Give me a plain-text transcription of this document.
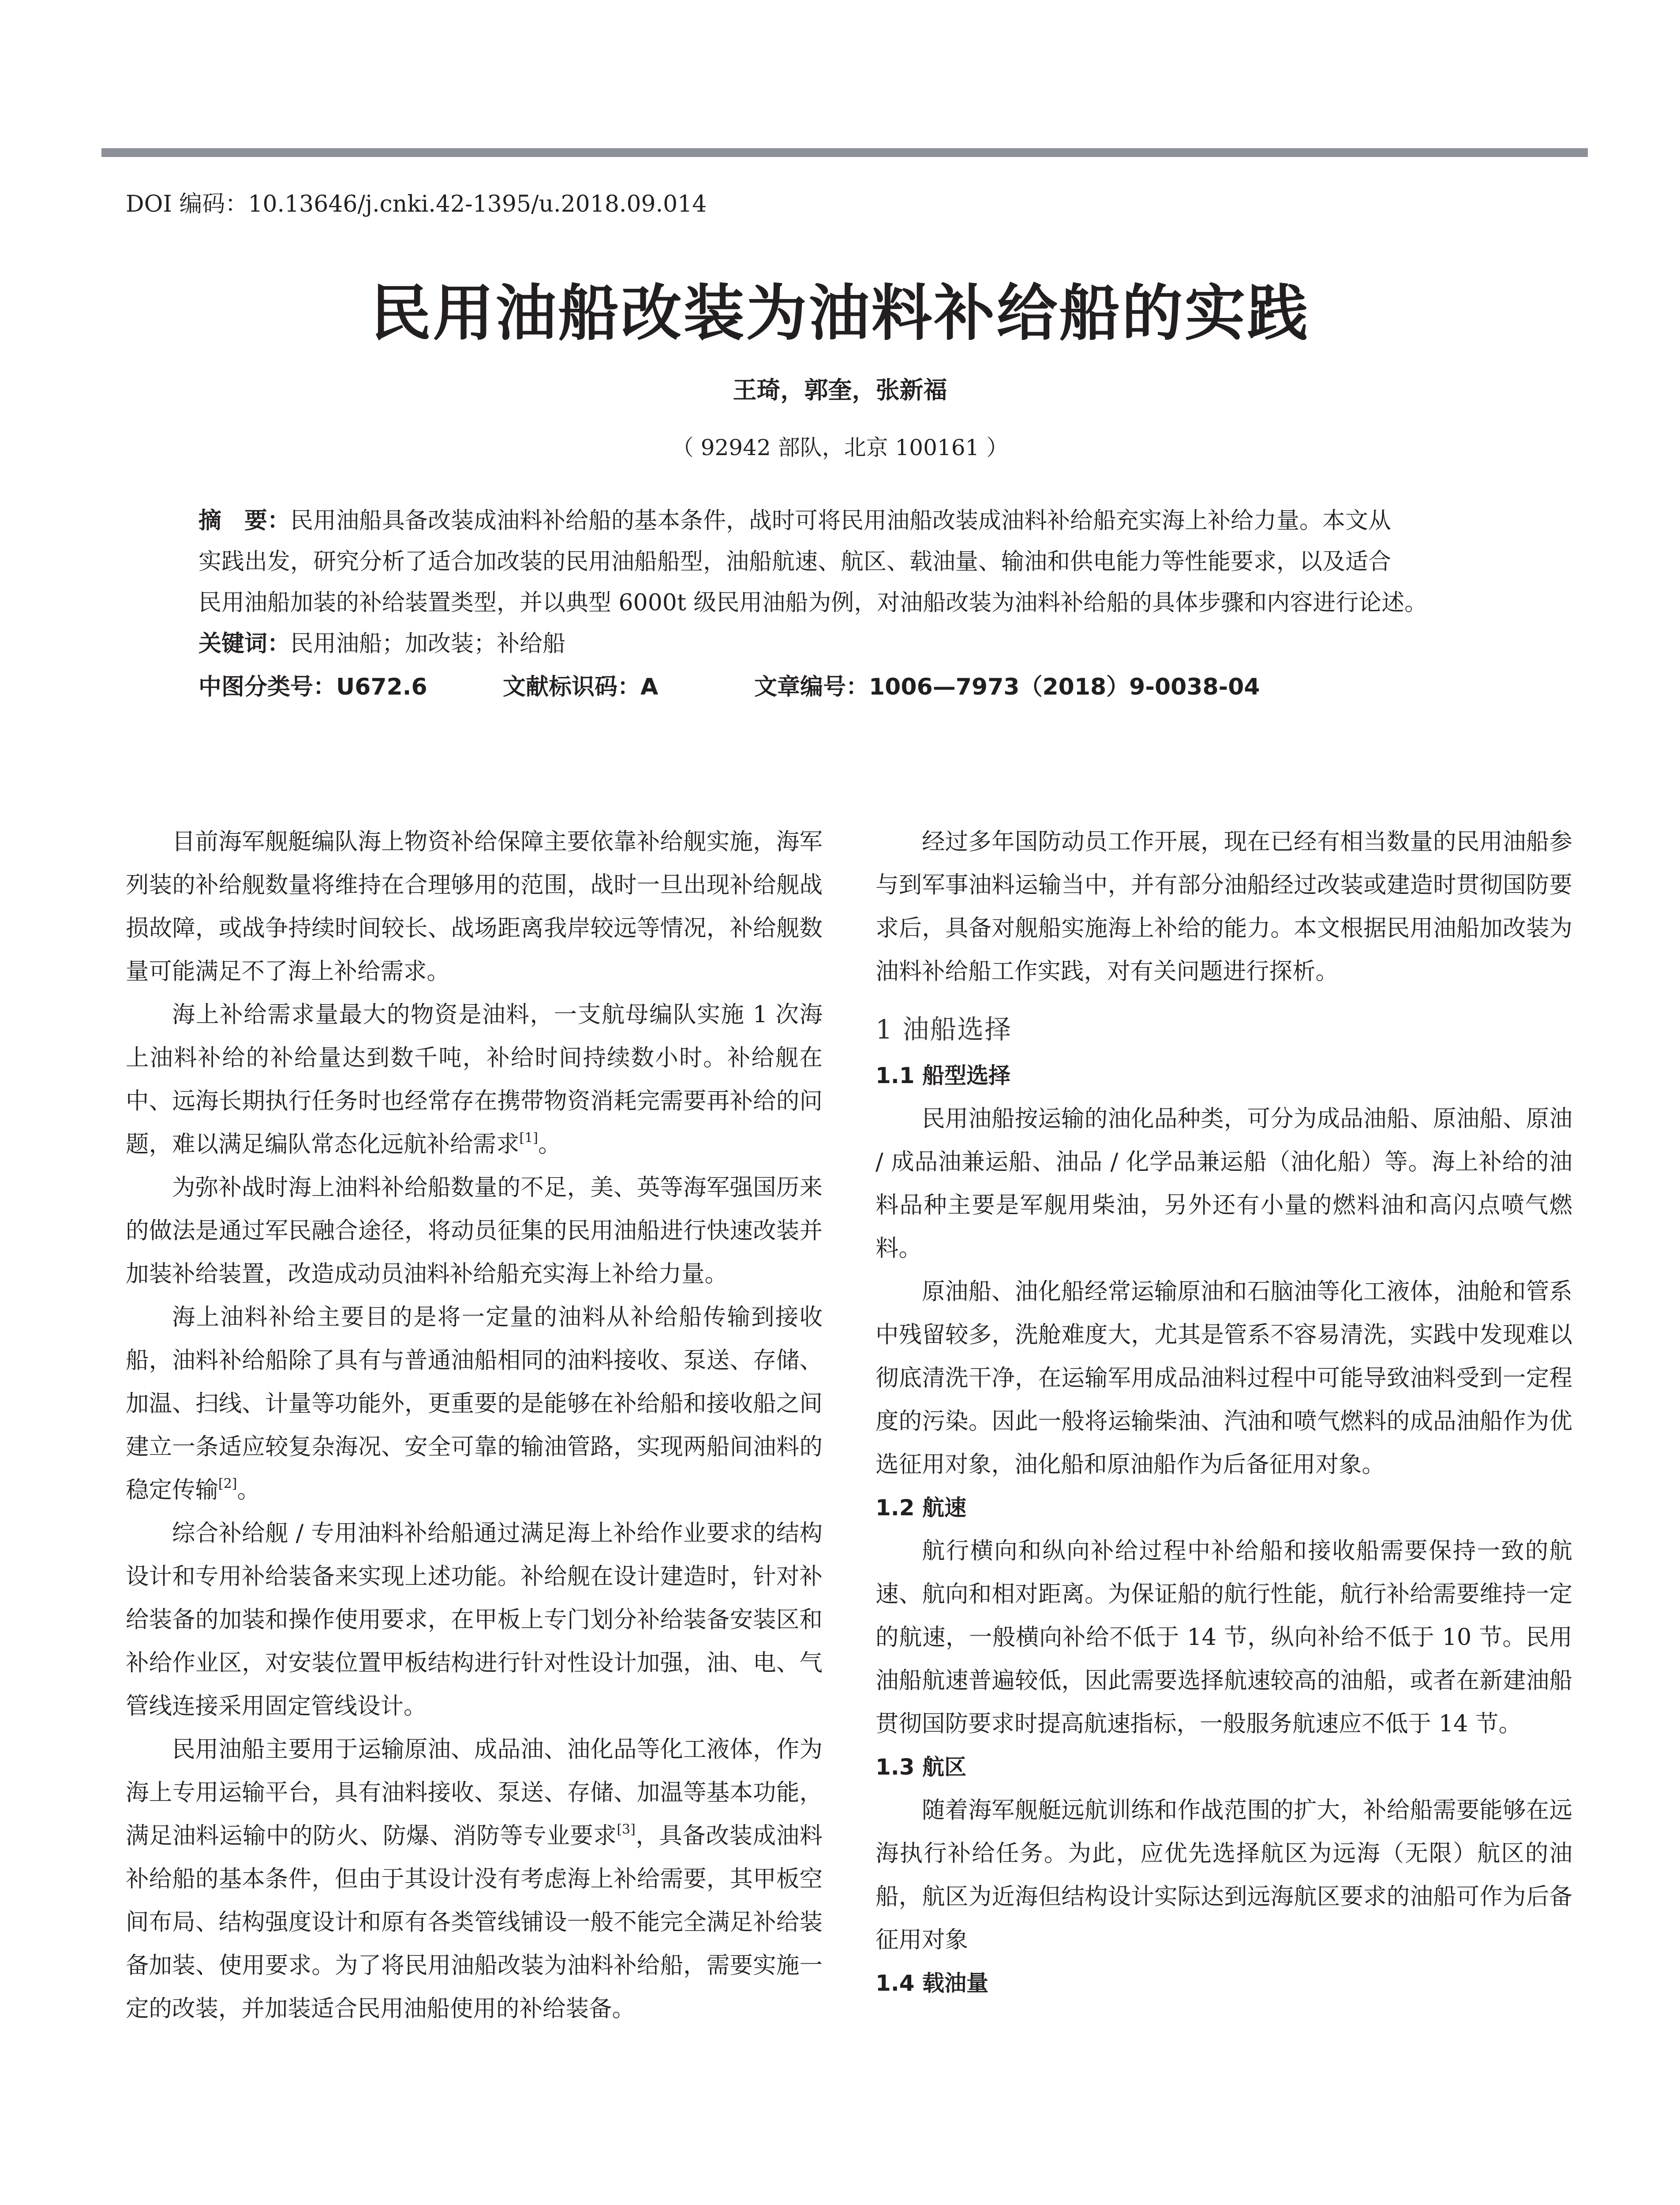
DOI 编码：10.13646/j.cnki.42-1395/u.2018.09.014
民用油船改装为油料补给船的实践
王琦，郭奎，张新福
（ 92942 部队，北京 100161 ）
摘　要：民用油船具备改装成油料补给船的基本条件，战时可将民用油船改装成油料补给船充实海上补给力量。本文从
实践出发，研究分析了适合加改装的民用油船船型，油船航速、航区、载油量、输油和供电能力等性能要求，以及适合
民用油船加装的补给装置类型，并以典型 6000t 级民用油船为例，对油船改装为油料补给船的具体步骤和内容进行论述。
关键词：民用油船；加改装；补给船
中图分类号：U672.6	文献标识码：A	文章编号：1006—7973（2018）9-0038-04

目前海军舰艇编队海上物资补给保障主要依靠补给舰实施，海军列装的补给舰数量将维持在合理够用的范围，战时一旦出现补给舰战损故障，或战争持续时间较长、战场距离我岸较远等情况，补给舰数量可能满足不了海上补给需求。

海上补给需求量最大的物资是油料，一支航母编队实施 1 次海上油料补给的补给量达到数千吨，补给时间持续数小时。补给舰在中、远海长期执行任务时也经常存在携带物资消耗完需要再补给的问题，难以满足编队常态化远航补给需求[1]。

为弥补战时海上油料补给船数量的不足，美、英等海军强国历来的做法是通过军民融合途径，将动员征集的民用油船进行快速改装并加装补给装置，改造成动员油料补给船充实海上补给力量。

海上油料补给主要目的是将一定量的油料从补给船传输到接收船，油料补给船除了具有与普通油船相同的油料接收、泵送、存储、加温、扫线、计量等功能外，更重要的是能够在补给船和接收船之间建立一条适应较复杂海况、安全可靠的输油管路，实现两船间油料的稳定传输[2]。

综合补给舰 / 专用油料补给船通过满足海上补给作业要求的结构设计和专用补给装备来实现上述功能。补给舰在设计建造时，针对补给装备的加装和操作使用要求，在甲板上专门划分补给装备安装区和补给作业区，对安装位置甲板结构进行针对性设计加强，油、电、气管线连接采用固定管线设计。

民用油船主要用于运输原油、成品油、油化品等化工液体，作为海上专用运输平台，具有油料接收、泵送、存储、加温等基本功能，满足油料运输中的防火、防爆、消防等专业要求[3]，具备改装成油料补给船的基本条件，但由于其设计没有考虑海上补给需要，其甲板空间布局、结构强度设计和原有各类管线铺设一般不能完全满足补给装备加装、使用要求。为了将民用油船改装为油料补给船，需要实施一定的改装，并加装适合民用油船使用的补给装备。

经过多年国防动员工作开展，现在已经有相当数量的民用油船参与到军事油料运输当中，并有部分油船经过改装或建造时贯彻国防要求后，具备对舰船实施海上补给的能力。本文根据民用油船加改装为油料补给船工作实践，对有关问题进行探析。

1 油船选择
1.1 船型选择

民用油船按运输的油化品种类，可分为成品油船、原油船、原油 / 成品油兼运船、油品 / 化学品兼运船（油化船）等。海上补给的油料品种主要是军舰用柴油，另外还有小量的燃料油和高闪点喷气燃料。

原油船、油化船经常运输原油和石脑油等化工液体，油舱和管系中残留较多，洗舱难度大，尤其是管系不容易清洗，实践中发现难以彻底清洗干净，在运输军用成品油料过程中可能导致油料受到一定程度的污染。因此一般将运输柴油、汽油和喷气燃料的成品油船作为优选征用对象，油化船和原油船作为后备征用对象。

1.2 航速

航行横向和纵向补给过程中补给船和接收船需要保持一致的航速、航向和相对距离。为保证船的航行性能，航行补给需要维持一定的航速，一般横向补给不低于 14 节，纵向补给不低于 10 节。民用油船航速普遍较低，因此需要选择航速较高的油船，或者在新建油船贯彻国防要求时提高航速指标，一般服务航速应不低于 14 节。

1.3 航区

随着海军舰艇远航训练和作战范围的扩大，补给船需要能够在远海执行补给任务。为此，应优先选择航区为远海（无限）航区的油船，航区为近海但结构设计实际达到远海航区要求的油船可作为后备征用对象

1.4 载油量
